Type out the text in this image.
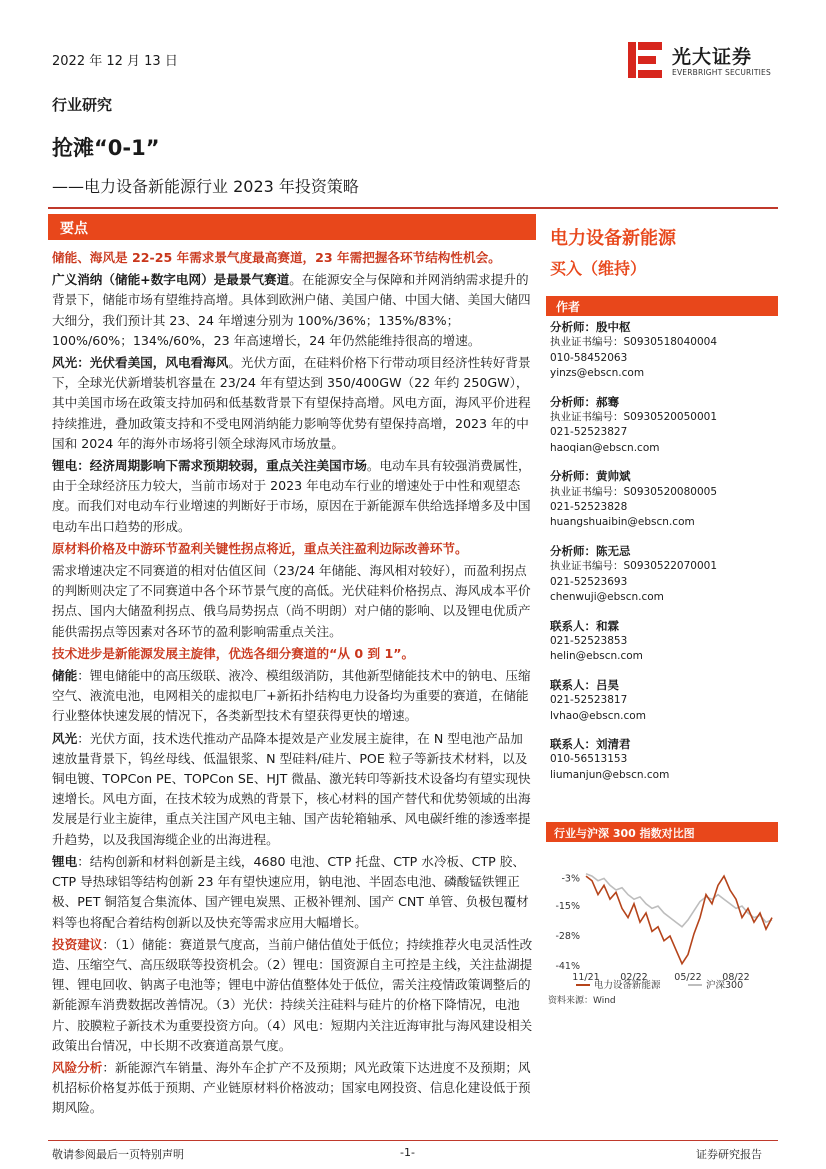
2022 年 12 月 13 日	光大证券
EVERBRIGHT SECURITIES
行业研究
抢滩“0-1”
——电力设备新能源行业 2023 年投资策略
要点
储能、海风是 22-25 年需求景气度最高赛道，23 年需把握各环节结构性机会。
广义消纳（储能+数字电网）是最景气赛道。在能源安全与保障和并网消纳需求提升的背景下，储能市场有望维持高增。具体到欧洲户储、美国户储、中国大储、美国大储四大细分，我们预计其 23、24 年增速分别为 100%/36%；135%/83%；100%/60%；134%/60%，23 年高速增长，24 年仍然能维持很高的增速。
风光：光伏看美国，风电看海风。光伏方面，在硅料价格下行带动项目经济性转好背景下，全球光伏新增装机容量在 23/24 年有望达到 350/400GW（22 年约 250GW），其中美国市场在政策支持加码和低基数背景下有望保持高增。风电方面，海风平价进程持续推进，叠加政策支持和不受电网消纳能力影响等优势有望保持高增，2023 年的中国和 2024 年的海外市场将引领全球海风市场放量。
锂电：经济周期影响下需求预期较弱，重点关注美国市场。电动车具有较强消费属性，由于全球经济压力较大，当前市场对于 2023 年电动车行业的增速处于中性和观望态度。而我们对电动车行业增速的判断好于市场，原因在于新能源车供给选择增多及中国电动车出口趋势的形成。
原材料价格及中游环节盈利关键性拐点将近，重点关注盈利边际改善环节。
需求增速决定不同赛道的相对估值区间（23/24 年储能、海风相对较好），而盈利拐点的判断则决定了不同赛道中各个环节景气度的高低。光伏硅料价格拐点、海风成本平价拐点、国内大储盈利拐点、俄乌局势拐点（尚不明朗）对户储的影响、以及锂电优质产能供需拐点等因素对各环节的盈利影响需重点关注。
技术进步是新能源发展主旋律，优选各细分赛道的“从 0 到 1”。
储能：锂电储能中的高压级联、液冷、模组级消防，其他新型储能技术中的钠电、压缩空气、液流电池，电网相关的虚拟电厂+新拓扑结构电力设备均为重要的赛道，在储能行业整体快速发展的情况下，各类新型技术有望获得更快的增速。
风光：光伏方面，技术迭代推动产品降本提效是产业发展主旋律，在 N 型电池产品加速放量背景下，钨丝母线、低温银浆、N 型硅料/硅片、POE 粒子等新技术材料，以及铜电镀、TOPCon PE、TOPCon SE、HJT 微晶、激光转印等新技术设备均有望实现快速增长。风电方面，在技术较为成熟的背景下，核心材料的国产替代和优势领域的出海发展是行业主旋律，重点关注国产风电主轴、国产齿轮箱轴承、风电碳纤维的渗透率提升趋势，以及我国海缆企业的出海进程。
锂电：结构创新和材料创新是主线，4680 电池、CTP 托盘、CTP 水冷板、CTP 胶、CTP 导热球铝等结构创新 23 年有望快速应用，钠电池、半固态电池、磷酸锰铁锂正极、PET 铜箔复合集流体、国产锂电炭黑、正极补锂剂、国产 CNT 单管、负极包覆材料等也将配合着结构创新以及快充等需求应用大幅增长。
投资建议：（1）储能：赛道景气度高，当前户储估值处于低位；持续推荐火电灵活性改造、压缩空气、高压级联等投资机会。（2）锂电：国资源自主可控是主线，关注盐湖提锂、锂电回收、钠离子电池等；锂电中游估值整体处于低位，需关注疫情政策调整后的新能源车消费数据改善情况。（3）光伏：持续关注硅料与硅片的价格下降情况，电池片、胶膜粒子新技术为重要投资方向。（4）风电：短期内关注近海审批与海风建设相关政策出台情况，中长期不改赛道高景气度。
风险分析：新能源汽车销量、海外车企扩产不及预期；风光政策下达进度不及预期；风机招标价格复苏低于预期、产业链原材料价格波动；国家电网投资、信息化建设低于预期风险。
电力设备新能源
买入（维持）
作者
分析师：殷中枢
执业证书编号：S0930518040004
010-58452063
yinzs@ebscn.com
分析师：郝骞
执业证书编号：S0930520050001
021-52523827
haoqian@ebscn.com
分析师：黄帅斌
执业证书编号：S0930520080005
021-52523828
huangshuaibin@ebscn.com
分析师：陈无忌
执业证书编号：S0930522070001
021-52523693
chenwuji@ebscn.com
联系人：和霖
021-52523853
helin@ebscn.com
联系人：吕昊
021-52523817
lvhao@ebscn.com
联系人：刘清君
010-56513153
liumanjun@ebscn.com
行业与沪深 300 指数对比图
-3%
-15%
-28%
-41%
11/21 02/22	05/22 08/22
电力设备新能源	沪深300
资料来源：Wind
敬请参阅最后一页特别声明	-1-	证券研究报告
